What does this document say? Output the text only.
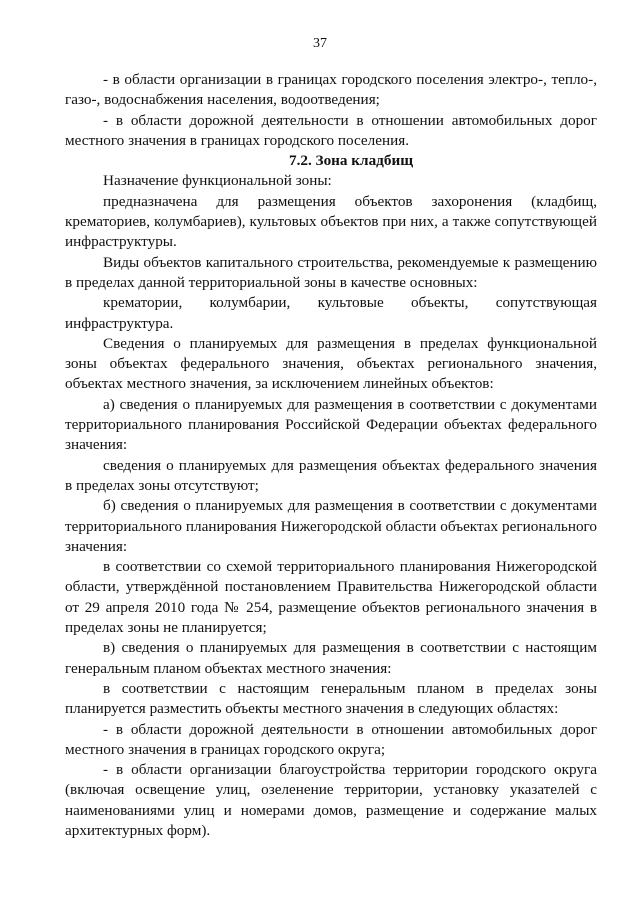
37

- в области организации в границах городского поселения электро-, тепло-, газо-, водоснабжения населения, водоотведения;

- в области дорожной деятельности в отношении автомобильных дорог местного значения в границах городского поселения.

7.2. Зона кладбищ

Назначение функциональной зоны:

предназначена для размещения объектов захоронения (кладбищ, крематориев, колумбариев), культовых объектов при них, а также сопутствующей инфраструктуры.

Виды объектов капитального строительства, рекомендуемые к размещению в пределах данной территориальной зоны в качестве основных:

крематории, колумбарии, культовые объекты, сопутствующая инфраструктура.

Сведения о планируемых для размещения в пределах функциональной зоны объектах федерального значения, объектах регионального значения, объектах местного значения, за исключением линейных объектов:

а) сведения о планируемых для размещения в соответствии с документами территориального планирования Российской Федерации объектах федерального значения:

сведения о планируемых для размещения объектах федерального значения в пределах зоны отсутствуют;

б) сведения о планируемых для размещения в соответствии с документами территориального планирования Нижегородской области объектах регионального значения:

в соответствии со схемой территориального планирования Нижегородской области, утверждённой постановлением Правительства Нижегородской области от 29 апреля 2010 года № 254, размещение объектов регионального значения в пределах зоны не планируется;

в) сведения о планируемых для размещения в соответствии с настоящим генеральным планом объектах местного значения:

в соответствии с настоящим генеральным планом в пределах зоны планируется разместить объекты местного значения в следующих областях:

- в области дорожной деятельности в отношении автомобильных дорог местного значения в границах городского округа;

- в области организации благоустройства территории городского округа (включая освещение улиц, озеленение территории, установку указателей с наименованиями улиц и номерами домов, размещение и содержание малых архитектурных форм).
